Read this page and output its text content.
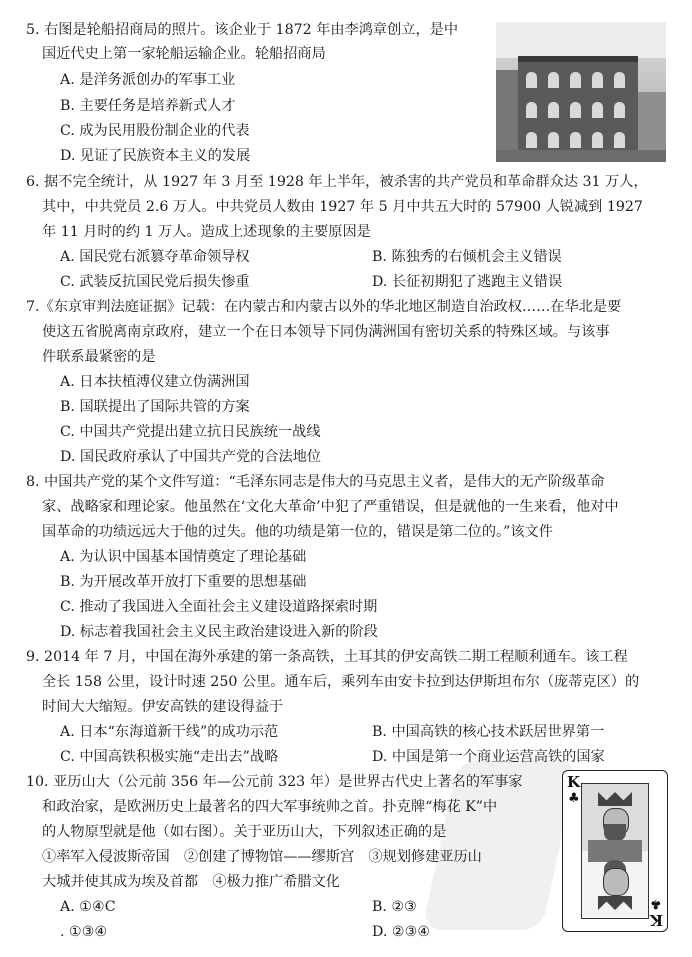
5. 右图是轮船招商局的照片。该企业于 1872 年由李鸿章创立，是中
国近代史上第一家轮船运输企业。轮船招商局
A. 是洋务派创办的军事工业
B. 主要任务是培养新式人才
C. 成为民用股份制企业的代表
D. 见证了民族资本主义的发展
6. 据不完全统计，从 1927 年 3 月至 1928 年上半年，被杀害的共产党员和革命群众达 31 万人，
其中，中共党员 2.6 万人。中共党员人数由 1927 年 5 月中共五大时的 57900 人锐减到 1927
年 11 月时的约 1 万人。造成上述现象的主要原因是
A. 国民党右派篡夺革命领导权	B. 陈独秀的右倾机会主义错误
C. 武装反抗国民党后损失惨重	D. 长征初期犯了逃跑主义错误
7.《东京审判法庭证据》记载：在内蒙古和内蒙古以外的华北地区制造自治政权……在华北是要
使这五省脱离南京政府，建立一个在日本领导下同伪满洲国有密切关系的特殊区域。与该事
件联系最紧密的是
A. 日本扶植溥仪建立伪满洲国
B. 国联提出了国际共管的方案
C. 中国共产党提出建立抗日民族统一战线
D. 国民政府承认了中国共产党的合法地位
8. 中国共产党的某个文件写道：“毛泽东同志是伟大的马克思主义者，是伟大的无产阶级革命
家、战略家和理论家。他虽然在‘文化大革命’中犯了严重错误，但是就他的一生来看，他对中
国革命的功绩远远大于他的过失。他的功绩是第一位的，错误是第二位的。”该文件
A. 为认识中国基本国情奠定了理论基础
B. 为开展改革开放打下重要的思想基础
C. 推动了我国进入全面社会主义建设道路探索时期
D. 标志着我国社会主义民主政治建设进入新的阶段
9. 2014 年 7 月，中国在海外承建的第一条高铁，土耳其的伊安高铁二期工程顺利通车。该工程
全长 158 公里，设计时速 250 公里。通车后，乘列车由安卡拉到达伊斯坦布尔（庞蒂克区）的
时间大大缩短。伊安高铁的建设得益于
A. 日本“东海道新干线”的成功示范	B. 中国高铁的核心技术跃居世界第一
C. 中国高铁积极实施“走出去”战略	D. 中国是第一个商业运营高铁的国家
10. 亚历山大（公元前 356 年—公元前 323 年）是世界古代史上著名的军事家
和政治家，是欧洲历史上最著名的四大军事统帅之首。扑克牌“梅花 K”中
的人物原型就是他（如右图）。关于亚历山大，下列叙述正确的是
①率军入侵波斯帝国　②创建了博物馆——缪斯宫　③规划修建亚历山
大城并使其成为埃及首都　④极力推广希腊文化
A. ①④C	B. ②③
. ①③④	D. ②③④
K
♣
♣
K
